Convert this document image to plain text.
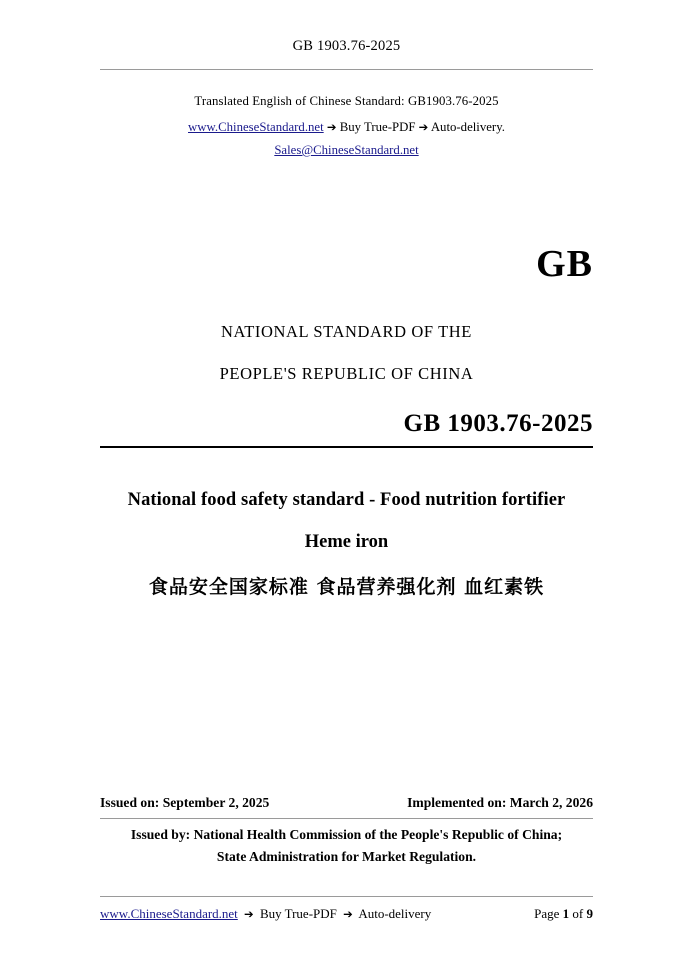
GB 1903.76-2025
Translated English of Chinese Standard: GB1903.76-2025
www.ChineseStandard.net ➔ Buy True-PDF ➔ Auto-delivery.
Sales@ChineseStandard.net
GB
NATIONAL STANDARD OF THE
PEOPLE'S REPUBLIC OF CHINA
GB 1903.76-2025
National food safety standard - Food nutrition fortifier
Heme iron
食品安全国家标准 食品营养强化剂 血红素铁
Issued on: September 2, 2025	Implemented on: March 2, 2026
Issued by: National Health Commission of the People's Republic of China;
State Administration for Market Regulation.
www.ChineseStandard.net ➔ Buy True-PDF ➔ Auto-delivery	Page 1 of 9
